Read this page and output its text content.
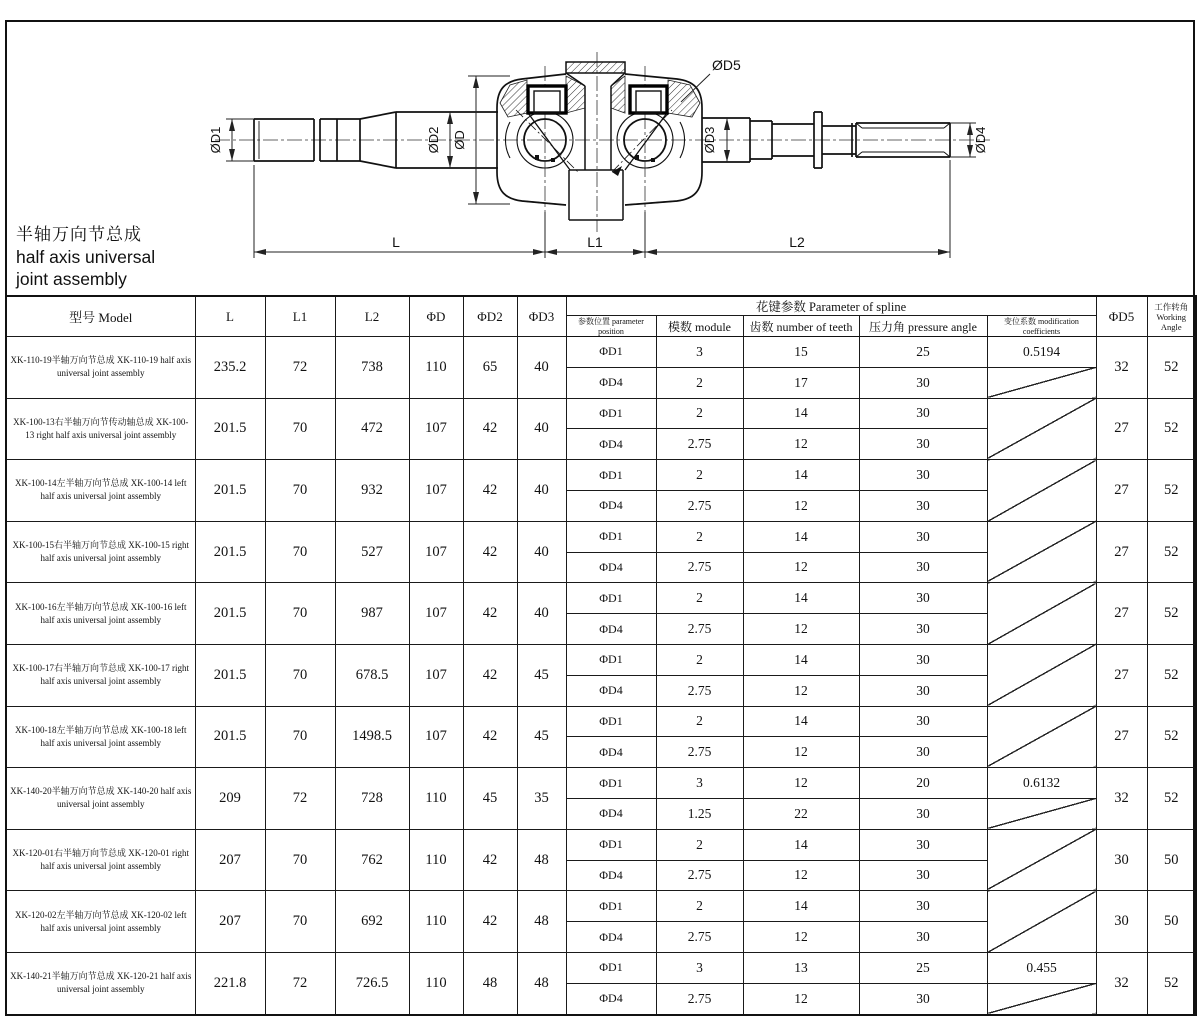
ØD1	ØD2 ØD
ØD5
ØD3	ØD4
L	L1	L2
半轴万向节总成
half axis universal
joint assembly
型号 Model	L	L1	L2	ΦD	ΦD2	ΦD3	花键参数 Parameter of spline					ΦD5	工作转角
Working Angle
							参数位置 parameter position	模数 module	齿数 number of teeth	压力角 pressure angle	变位系数 modification coefficients		
XK-110-19半轴万向节总成 XK-110-19 half axis universal joint assembly	235.2	72	738	110	65	40	ΦD1	3	15	25	0.5194	32	52
							ΦD4	2	17	30			
XK-100-13右半轴万向节传动轴总成 XK-100-13 right half axis universal joint assembly	201.5	70	472	107	42	40	ΦD1	2	14	30		27	52
							ΦD4	2.75	12	30			
XK-100-14左半轴万向节总成 XK-100-14 left half axis universal joint assembly	201.5	70	932	107	42	40	ΦD1	2	14	30		27	52
							ΦD4	2.75	12	30			
XK-100-15右半轴万向节总成 XK-100-15 right half axis universal joint assembly	201.5	70	527	107	42	40	ΦD1	2	14	30		27	52
							ΦD4	2.75	12	30			
XK-100-16左半轴万向节总成 XK-100-16 left half axis universal joint assembly	201.5	70	987	107	42	40	ΦD1	2	14	30		27	52
							ΦD4	2.75	12	30			
XK-100-17右半轴万向节总成 XK-100-17 right half axis universal joint assembly	201.5	70	678.5	107	42	45	ΦD1	2	14	30		27	52
							ΦD4	2.75	12	30			
XK-100-18左半轴万向节总成 XK-100-18 left half axis universal joint assembly	201.5	70	1498.5	107	42	45	ΦD1	2	14	30		27	52
							ΦD4	2.75	12	30			
XK-140-20半轴万向节总成 XK-140-20 half axis universal joint assembly	209	72	728	110	45	35	ΦD1	3	12	20	0.6132	32	52
							ΦD4	1.25	22	30			
XK-120-01右半轴万向节总成 XK-120-01 right half axis universal joint assembly	207	70	762	110	42	48	ΦD1	2	14	30		30	50
							ΦD4	2.75	12	30			
XK-120-02左半轴万向节总成 XK-120-02 left half axis universal joint assembly	207	70	692	110	42	48	ΦD1	2	14	30		30	50
							ΦD4	2.75	12	30			
XK-140-21半轴万向节总成 XK-120-21 half axis universal joint assembly	221.8	72	726.5	110	48	48	ΦD1	3	13	25	0.455	32	52
							ΦD4	2.75	12	30			
